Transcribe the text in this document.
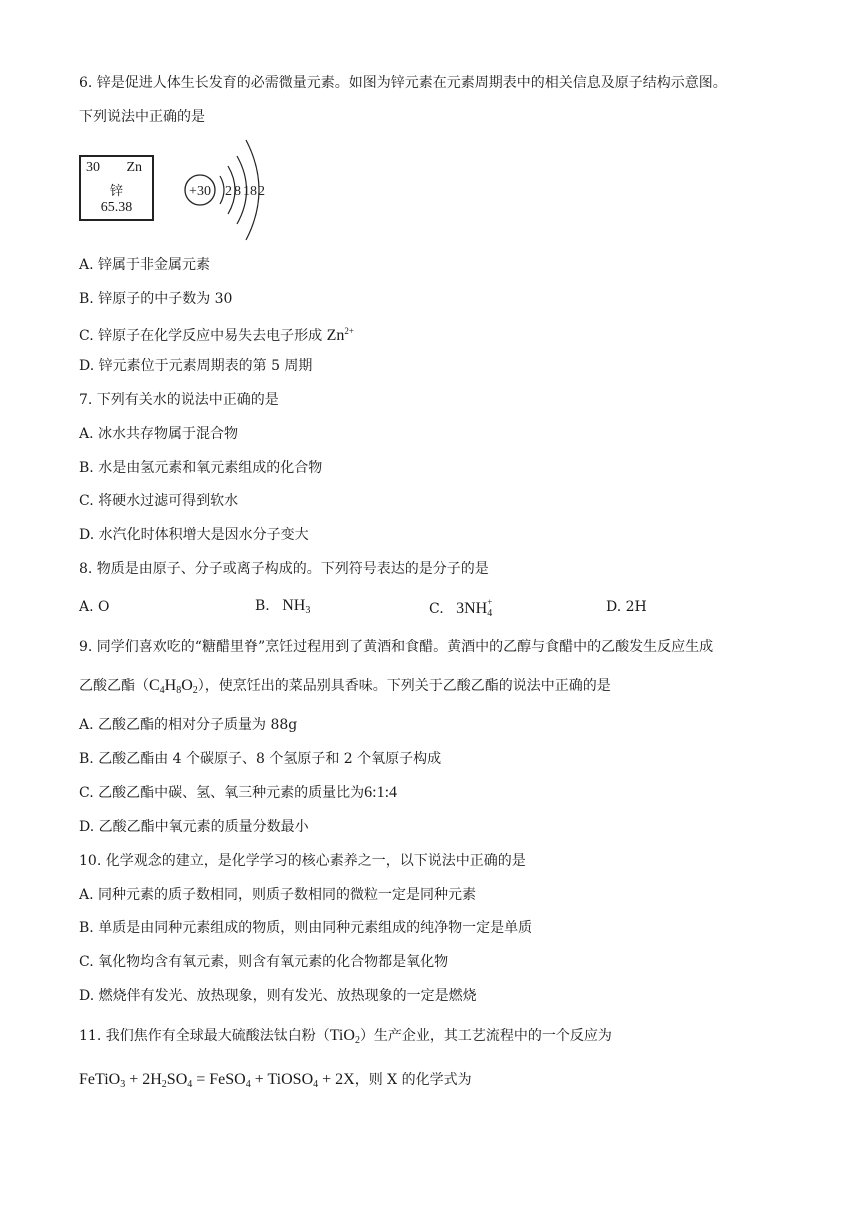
6. 锌是促进人体生长发育的必需微量元素。如图为锌元素在元素周期表中的相关信息及原子结构示意图。
下列说法中正确的是
30 Zn
锌
65.38
+30 2 8 18 2
A. 锌属于非金属元素
B. 锌原子的中子数为 30
C. 锌原子在化学反应中易失去电子形成 $Zn^{2+}$
D. 锌元素位于元素周期表的第 5 周期
7. 下列有关水的说法中正确的是
A. 冰水共存物属于混合物
B. 水是由氢元素和氧元素组成的化合物
C. 将硬水过滤可得到软水
D. 水汽化时体积增大是因水分子变大
8. 物质是由原子、分子或离子构成的。下列符号表达的是分子的是
A. O	B. $NH_3$	C. 3NH +
4	D. 2H
9. 同学们喜欢吃的“糖醋里脊”烹饪过程用到了黄酒和食醋。黄酒中的乙醇与食醋中的乙酸发生反应生成
乙酸乙酯$(C_4H_8O_2)$，使烹饪出的菜品别具香味。下列关于乙酸乙酯的说法中正确的是
A. 乙酸乙酯的相对分子质量为 88g
B. 乙酸乙酯由 4 个碳原子、8 个氢原子和 2 个氧原子构成
C. 乙酸乙酯中碳、氢、氧三种元素的质量比为6:1:4
D. 乙酸乙酯中氧元素的质量分数最小
10. 化学观念的建立，是化学学习的核心素养之一，以下说法中正确的是
A. 同种元素的质子数相同，则质子数相同的微粒一定是同种元素
B. 单质是由同种元素组成的物质，则由同种元素组成的纯净物一定是单质
C. 氧化物均含有氧元素，则含有氧元素的化合物都是氧化物
D. 燃烧伴有发光、放热现象，则有发光、放热现象的一定是燃烧
11. 我们焦作有全球最大硫酸法钛白粉（TiO$_2$）生产企业，其工艺流程中的一个反应为
FeTiO$_3$ + $2H_2SO_4$ = FeSO$_4$ + TiOSO$_4$ + 2X，则 X 的化学式为
